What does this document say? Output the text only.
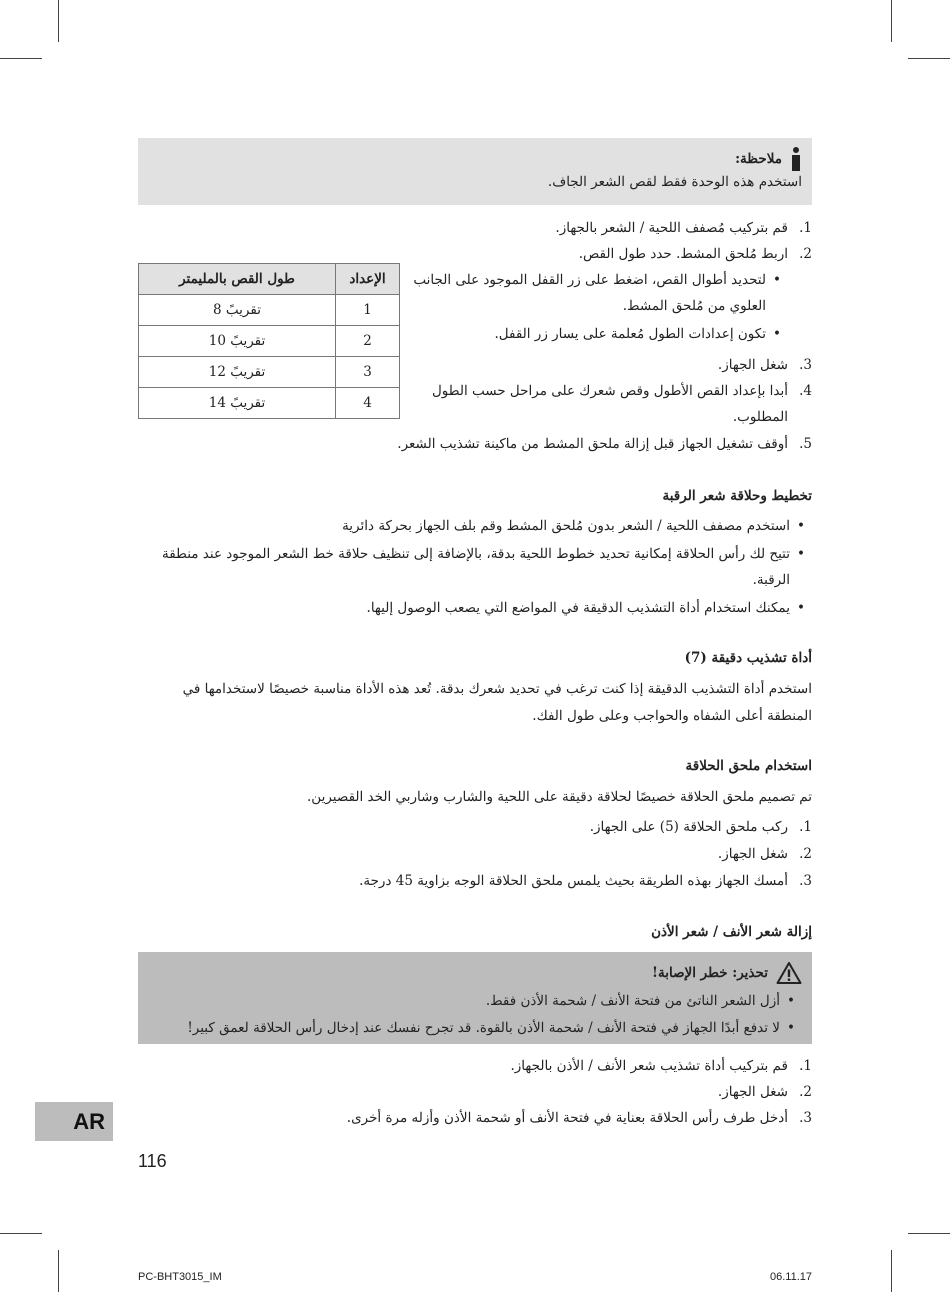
ملاحظة:
استخدم هذه الوحدة فقط لقص الشعر الجاف.
1.قم بتركيب مُصفف اللحية / الشعر بالجهاز.
2.اربط مُلحق المشط. حدد طول القص.
• لتحديد أطوال القص، اضغط على زر القفل الموجود على الجانب
العلوي من مُلحق المشط.
• تكون إعدادات الطول مُعلمة على يسار زر القفل.
3.شغل الجهاز.
4.أبدا بإعداد القص الأطول وقص شعرك على مراحل حسب الطول
المطلوب.
5.أوقف تشغيل الجهاز قبل إزالة ملحق المشط من ماكينة تشذيب الشعر.
الإعداد	طول القص بالمليمتر
1	تقريبً 8
2	تقريبً 10
3	تقريبً 12
4	تقريبً 14
تخطيط وحلاقة شعر الرقبة
• استخدم مصفف اللحية / الشعر بدون مُلحق المشط وقم بلف الجهاز بحركة دائرية
• تتيح لك رأس الحلاقة إمكانية تحديد خطوط اللحية بدقة، بالإضافة إلى تنظيف حلاقة خط الشعر الموجود عند منطقة
الرقبة.
• يمكنك استخدام أداة التشذيب الدقيقة في المواضع التي يصعب الوصول إليها.
أداة تشذيب دقيقة (7)
استخدم أداة التشذيب الدقيقة إذا كنت ترغب في تحديد شعرك بدقة. تُعد هذه الأداة مناسبة خصيصًا لاستخدامها في
المنطقة أعلى الشفاه والحواجب وعلى طول الفك.
استخدام ملحق الحلاقة
تم تصميم ملحق الحلاقة خصيصًا لحلاقة دقيقة على اللحية والشارب وشاربي الخد القصيرين.
1.ركب ملحق الحلاقة (5) على الجهاز.
2.شغل الجهاز.
3.أمسك الجهاز بهذه الطريقة بحيث يلمس ملحق الحلاقة الوجه بزاوية 45 درجة.
إزالة شعر الأنف / شعر الأذن
تحذير: خطر الإصابة!
• أزل الشعر الناتئ من فتحة الأنف / شحمة الأذن فقط.
• لا تدفع أبدًا الجهاز في فتحة الأنف / شحمة الأذن بالقوة. قد تجرح نفسك عند إدخال رأس الحلاقة لعمق كبير!
1.قم بتركيب أداة تشذيب شعر الأنف / الأذن بالجهاز.
2.شغل الجهاز.
3.أدخل طرف رأس الحلاقة بعناية في فتحة الأنف أو شحمة الأذن وأزله مرة أخرى.
AR
116
PC-BHT3015_IM	06.11.17
